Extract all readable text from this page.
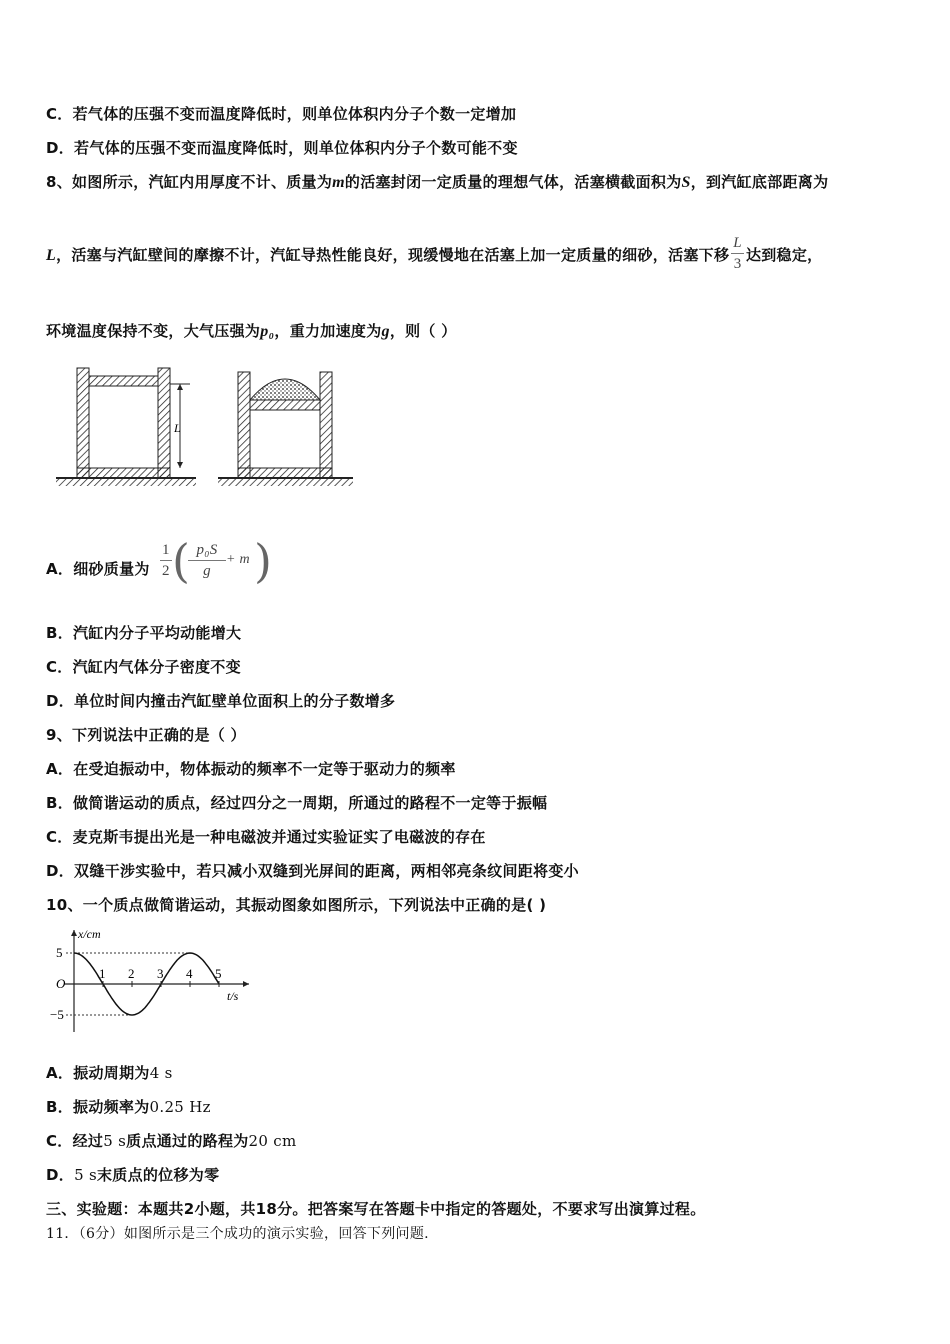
C．若气体的压强不变而温度降低时，则单位体积内分子个数一定增加
D．若气体的压强不变而温度降低时，则单位体积内分子个数可能不变
8、如图所示，汽缸内用厚度不计、质量为m的活塞封闭一定质量的理想气体，活塞横截面积为S，到汽缸底部距离为
L，活塞与汽缸壁间的摩擦不计，汽缸导热性能良好，现缓慢地在活塞上加一定质量的细砂，活塞下移 $\frac{L}{3}$ 达到稳定，
环境温度保持不变，大气压强为p₀，重力加速度为g，则（ ）
L
A．细砂质量为 $\frac{1}{2}$ (
$\frac{\text{p₀S}}{g} + m$ )
B．汽缸内分子平均动能增大
C．汽缸内气体分子密度不变
D．单位时间内撞击汽缸壁单位面积上的分子数增多
9、下列说法中正确的是（ ）
A．在受迫振动中，物体振动的频率不一定等于驱动力的频率
B．做简谐运动的质点，经过四分之一周期，所通过的路程不一定等于振幅
C．麦克斯韦提出光是一种电磁波并通过实验证实了电磁波的存在
D．双缝干涉实验中，若只减小双缝到光屏间的距离，两相邻亮条纹间距将变小
10、一个质点做简谐运动，其振动图象如图所示，下列说法中正确的是( )
x/cm
t/s
O
5
−5
1 2 3 4 5
A．振动周期为4 s
B．振动频率为0.25 Hz
C．经过5 s质点通过的路程为20 cm
D．5 s末质点的位移为零
三、实验题：本题共2小题，共18分。把答案写在答题卡中指定的答题处，不要求写出演算过程。
11．（6分）如图所示是三个成功的演示实验，回答下列问题.
